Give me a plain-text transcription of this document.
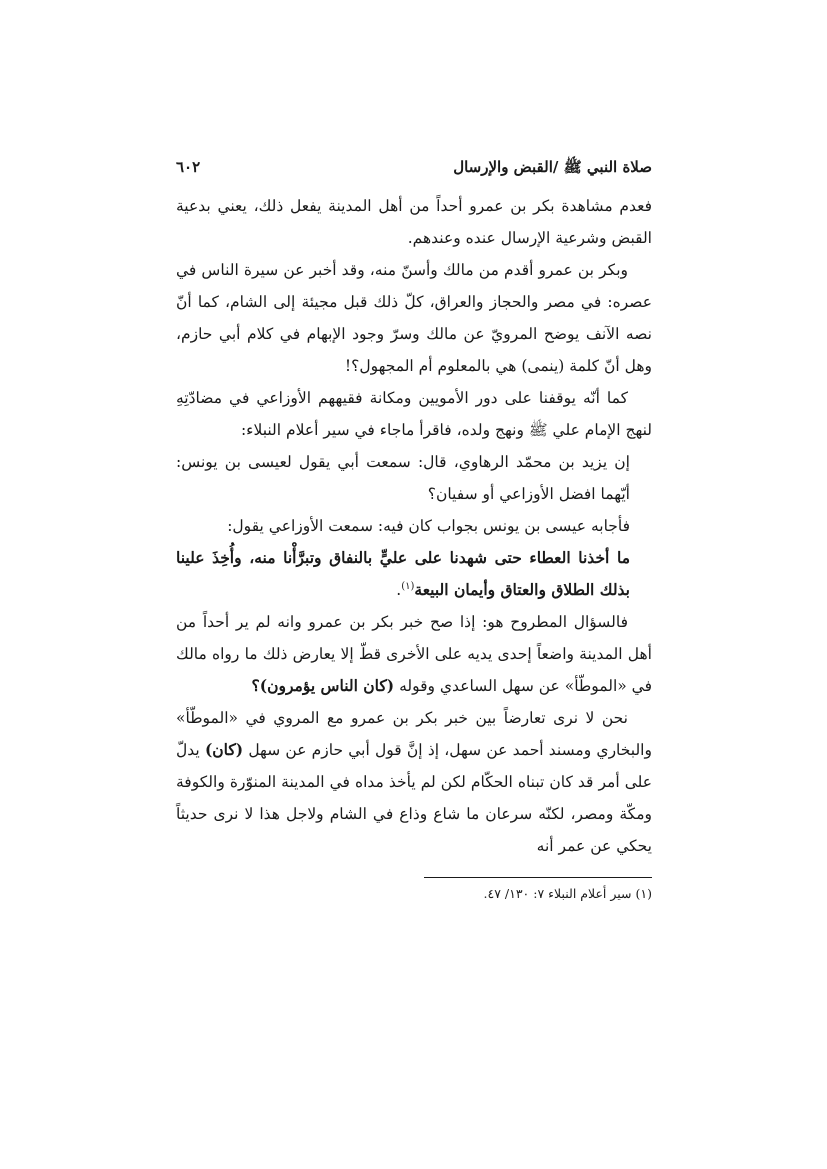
صلاة النبي ﷺ /القبض والإرسال
٦٠٢

فعدم مشاهدة بكر بن عمرو أحداً من أهل المدينة يفعل ذلك، يعني بدعية القبض وشرعية الإرسال عنده وعندهم.

وبكر بن عمرو أقدم من مالك وأسنّ منه، وقد أخبر عن سيرة الناس في عصره: في مصر والحجاز والعراق، كلّ ذلك قبل مجيئة إلى الشام، كما أنّ نصه الآنف يوضح المرويّ عن مالك وسرّ وجود الإبهام في كلام أبي حازم، وهل أنّ كلمة (ينمى) هي بالمعلوم أم المجهول؟!

كما أنّه يوقفنا على دور الأمويين ومكانة فقيههم الأوزاعي في مضادّتِهِ لنهج الإمام علي ﷺ ونهج ولده، فاقرأ ماجاء في سير أعلام النبلاء:

إن يزيد بن محمّد الرهاوي، قال: سمعت أبي يقول لعيسى بن يونس: أيّهما افضل الأوزاعي أو سفيان؟

فأجابه عيسى بن يونس بجواب كان فيه: سمعت الأوزاعي يقول:

ما أخذنا العطاء حتى شهدنا على عليٍّ بالنفاق وتبرَّأْنا منه، وأُخِذَ علينا بذلك الطلاق والعتاق وأيمان البيعة$^{(١)}$.

فالسؤال المطروح هو: إذا صح خبر بكر بن عمرو وانه لم ير أحداً من أهل المدينة واضعاً إحدى يديه على الأخرى قطّ إلا يعارض ذلك ما رواه مالك في «الموطّأ» عن سهل الساعدي وقوله (كان الناس يؤمرون)؟

نحن لا نرى تعارضاً بين خبر بكر بن عمرو مع المروي في «الموطّأ» والبخاري ومسند أحمد عن سهل، إذ إنَّ قول أبي حازم عن سهل (كان) يدلّ على أمر قد كان تبناه الحكّام لكن لم يأخذ مداه في المدينة المنوّرة والكوفة ومكّة ومصر، لكنّه سرعان ما شاع وذاع في الشام ولاجل هذا لا نرى حديثاً يحكي عن عمر أنه

(١) سير أعلام النبلاء ٧: ١٣٠/ ٤٧.
